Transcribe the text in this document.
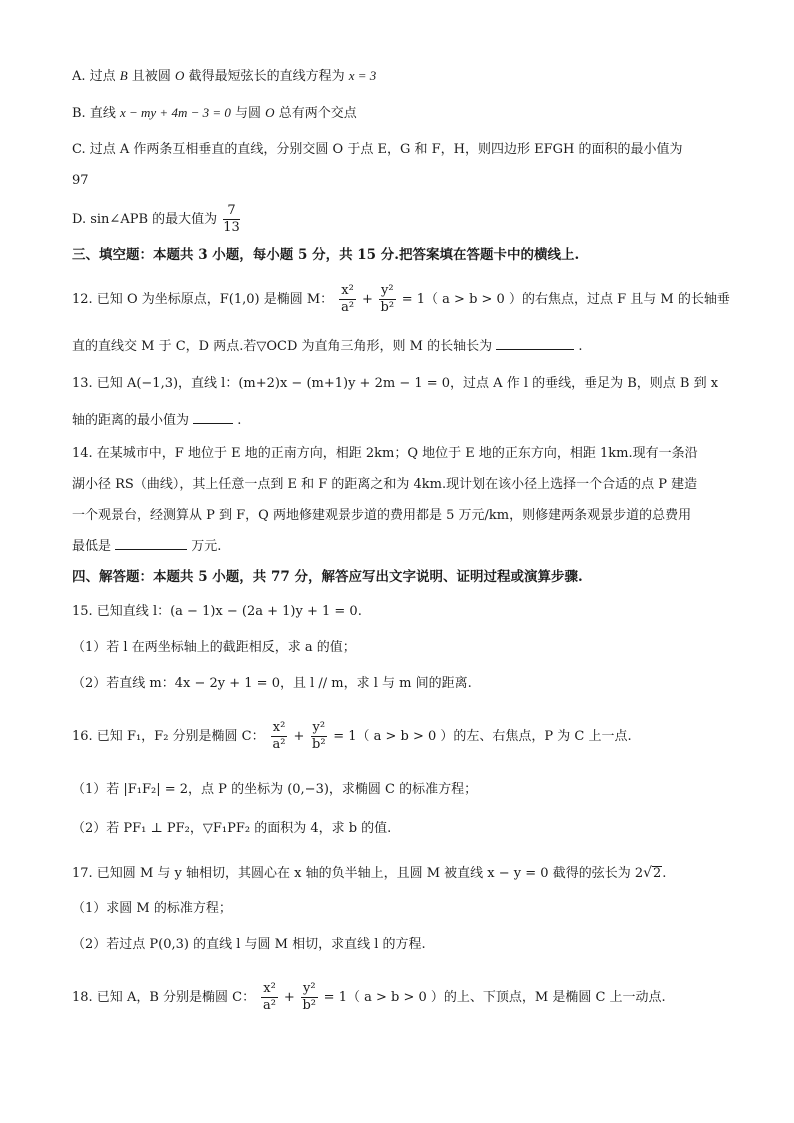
A. 过点 B 且被圆 O 截得最短弦长的直线方程为 x = 3
B. 直线 x − my + 4m − 3 = 0 与圆 O 总有两个交点
C. 过点 A 作两条互相垂直的直线，分别交圆 O 于点 E，G 和 F，H，则四边形 EFGH 的面积的最小值为
97
D. sin∠APB 的最大值为 $\frac{7}{13}$
三、填空题：本题共 3 小题，每小题 5 分，共 15 分.把答案填在答题卡中的横线上.
12. 已知 O 为坐标原点，F(1,0) 是椭圆 M： $\frac{\text{x²}}{\text{a²}} + \frac{\text{y²}}{\text{b²}} = 1$（ a > b > 0 ）的右焦点，过点 F 且与 M 的长轴垂
直的直线交 M 于 C，D 两点.若▽OCD 为直角三角形，则 M 的长轴长为	.
13. 已知 A(−1,3)，直线 l：(m+2)x − (m+1)y + 2m − 1 = 0，过点 A 作 l 的垂线，垂足为 B，则点 B 到 x
轴的距离的最小值为	.
14. 在某城市中，F 地位于 E 地的正南方向，相距 2km；Q 地位于 E 地的正东方向，相距 1km.现有一条沿
湖小径 RS（曲线），其上任意一点到 E 和 F 的距离之和为 4km.现计划在该小径上选择一个合适的点 P 建造
一个观景台，经测算从 P 到 F，Q 两地修建观景步道的费用都是 5 万元/km，则修建两条观景步道的总费用
最低是	万元.
四、解答题：本题共 5 小题，共 77 分，解答应写出文字说明、证明过程或演算步骤.
15. 已知直线 l：(a − 1)x − (2a + 1)y + 1 = 0.
（1）若 l 在两坐标轴上的截距相反，求 a 的值；
（2）若直线 m：4x − 2y + 1 = 0，且 l // m，求 l 与 m 间的距离.
16. 已知 F₁，F₂ 分别是椭圆 C： $\frac{\text{x²}}{\text{a²}} + \frac{\text{y²}}{\text{b²}} = 1$（ a > b > 0 ）的左、右焦点，P 为 C 上一点.
（1）若 |F₁F₂| = 2，点 P 的坐标为 (0,−3)，求椭圆 C 的标准方程；
（2）若 PF₁ ⊥ PF₂，▽F₁PF₂ 的面积为 4，求 b 的值.
17. 已知圆 M 与 y 轴相切，其圆心在 x 轴的负半轴上，且圆 M 被直线 x − y = 0 截得的弦长为 2√2.
（1）求圆 M 的标准方程；
（2）若过点 P(0,3) 的直线 l 与圆 M 相切，求直线 l 的方程.
18. 已知 A，B 分别是椭圆 C： $\frac{\text{x²}}{\text{a²}} + \frac{\text{y²}}{\text{b²}} = 1$（ a > b > 0 ）的上、下顶点，M 是椭圆 C 上一动点.
